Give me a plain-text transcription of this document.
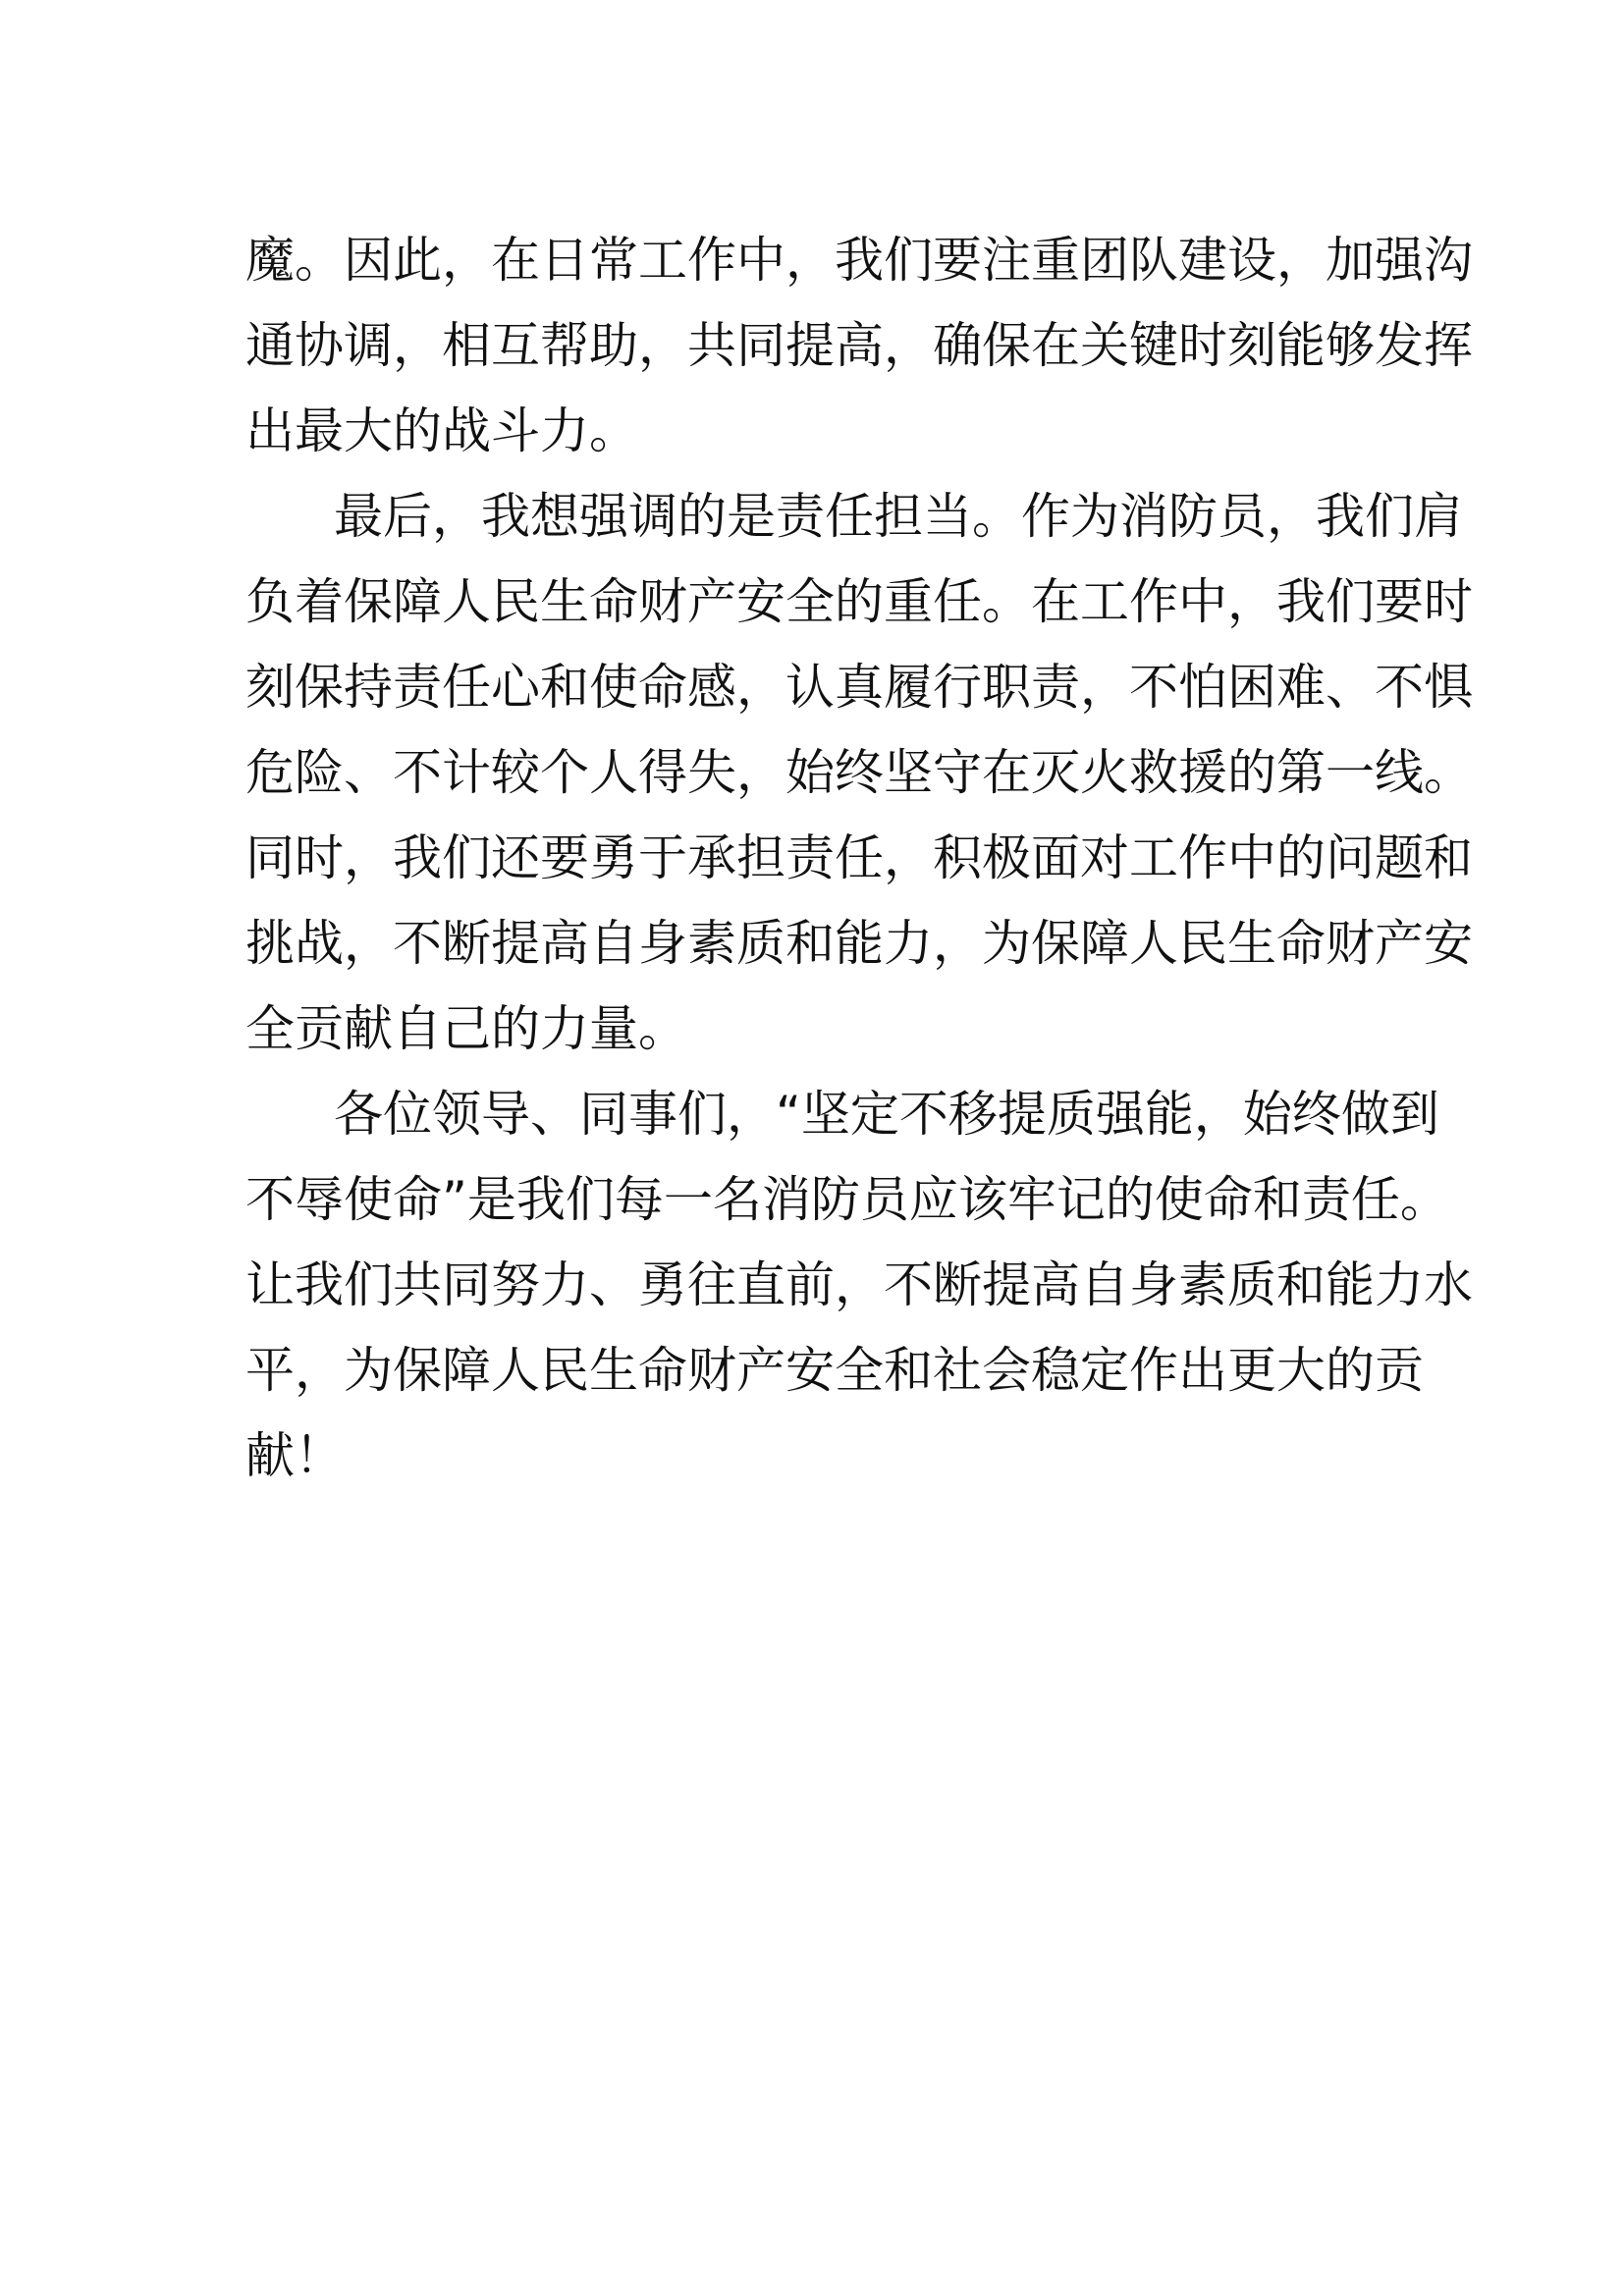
魔。因此，在日常工作中，我们要注重团队建设，加强沟
通协调，相互帮助，共同提高，确保在关键时刻能够发挥
出最大的战斗力。
最后，我想强调的是责任担当。作为消防员，我们肩
负着保障人民生命财产安全的重任。在工作中，我们要时
刻保持责任心和使命感，认真履行职责，不怕困难、不惧
危险、不计较个人得失，始终坚守在灭火救援的第一线。
同时，我们还要勇于承担责任，积极面对工作中的问题和
挑战，不断提高自身素质和能力，为保障人民生命财产安
全贡献自己的力量。
各位领导、同事们，“坚定不移提质强能，始终做到
不辱使命”是我们每一名消防员应该牢记的使命和责任。
让我们共同努力、勇往直前，不断提高自身素质和能力水
平，为保障人民生命财产安全和社会稳定作出更大的贡
献！
